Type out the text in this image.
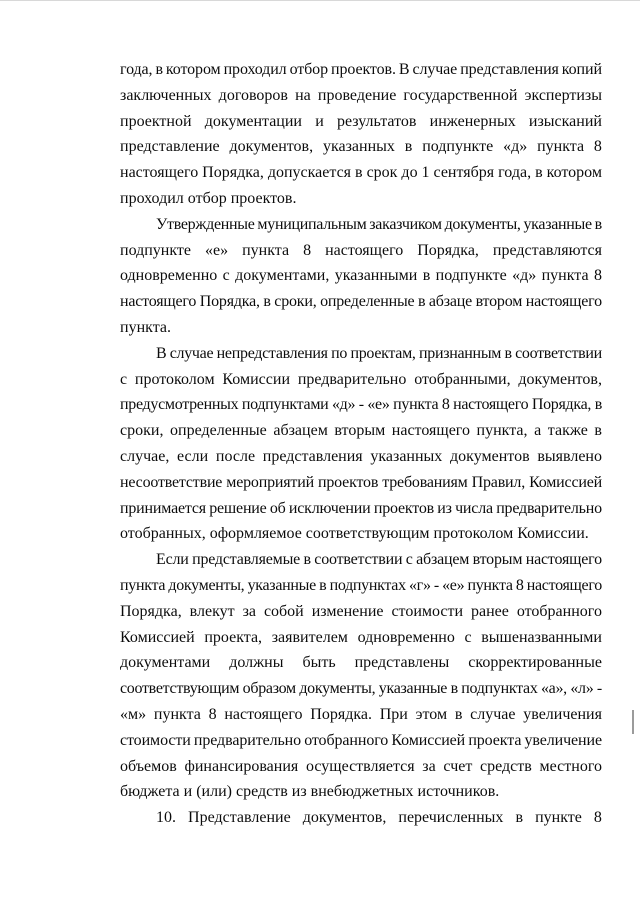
года, в котором проходил отбор проектов. В случае представления копий
заключенных договоров на проведение государственной экспертизы
проектной документации и результатов инженерных изысканий
представление документов, указанных в подпункте «д» пункта 8
настоящего Порядка, допускается в срок до 1 сентября года, в котором
проходил отбор проектов.
Утвержденные муниципальным заказчиком документы, указанные в
подпункте «е» пункта 8 настоящего Порядка, представляются
одновременно с документами, указанными в подпункте «д» пункта 8
настоящего Порядка, в сроки, определенные в абзаце втором настоящего
пункта.
В случае непредставления по проектам, признанным в соответствии
с протоколом Комиссии предварительно отобранными, документов,
предусмотренных подпунктами «д» - «е» пункта 8 настоящего Порядка, в
сроки, определенные абзацем вторым настоящего пункта, а также в
случае, если после представления указанных документов выявлено
несоответствие мероприятий проектов требованиям Правил, Комиссией
принимается решение об исключении проектов из числа предварительно
отобранных, оформляемое соответствующим протоколом Комиссии.
Если представляемые в соответствии с абзацем вторым настоящего
пункта документы, указанные в подпунктах «г» - «е» пункта 8 настоящего
Порядка, влекут за собой изменение стоимости ранее отобранного
Комиссией проекта, заявителем одновременно с вышеназванными
документами должны быть представлены скорректированные
соответствующим образом документы, указанные в подпунктах «а», «л» -
«м» пункта 8 настоящего Порядка. При этом в случае увеличения
стоимости предварительно отобранного Комиссией проекта увеличение
объемов финансирования осуществляется за счет средств местного
бюджета и (или) средств из внебюджетных источников.
10. Представление документов, перечисленных в пункте 8
